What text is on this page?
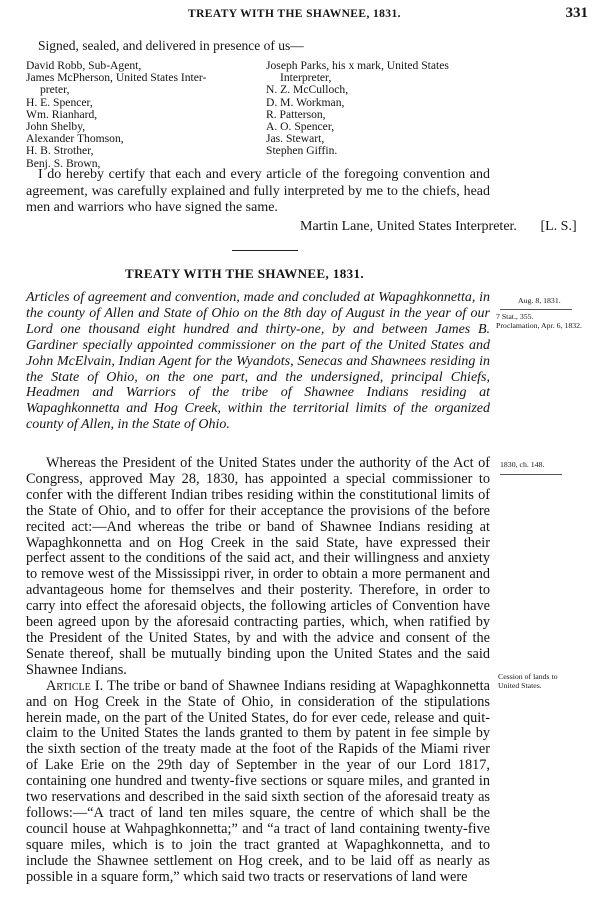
TREATY WITH THE SHAWNEE, 1831.	331
Signed, sealed, and delivered in presence of us—
David Robb, Sub-Agent,
James McPherson, United States Inter-
preter,
H. E. Spencer,
Wm. Rianhard,
John Shelby,
Alexander Thomson,
H. B. Strother,
Benj. S. Brown,
Joseph Parks, his x mark, United States
Interpreter,
N. Z. McCulloch,
D. M. Workman,
R. Patterson,
A. O. Spencer,
Jas. Stewart,
Stephen Giffin.
I do hereby certify that each and every article of the foregoing convention and agreement, was carefully explained and fully interpreted by me to the chiefs, head men and warriors who have signed the same.
Martin Lane, United States Interpreter. [L. S.]
TREATY WITH THE SHAWNEE, 1831.
Articles of agreement and convention, made and concluded at Wapaghkonnetta, in the county of Allen and State of Ohio on the 8th day of August in the year of our Lord one thousand eight hundred and thirty-one, by and between James B. Gardiner specially appointed commissioner on the part of the United States and John McElvain, Indian Agent for the Wyandots, Senecas and Shawnees residing in the State of Ohio, on the one part, and the undersigned, principal Chiefs, Headmen and Warriors of the tribe of Shawnee Indians residing at Wapaghkonnetta and Hog Creek, within the territorial limits of the organized county of Allen, in the State of Ohio.

Whereas the President of the United States under the authority of the Act of Congress, approved May 28, 1830, has appointed a special commissioner to confer with the different Indian tribes residing within the constitutional limits of the State of Ohio, and to offer for their acceptance the provisions of the before recited act:—And whereas the tribe or band of Shawnee Indians residing at Wapaghkonnetta and on Hog Creek in the said State, have expressed their perfect assent to the conditions of the said act, and their willingness and anxiety to remove west of the Mississippi river, in order to obtain a more permanent and advantageous home for themselves and their posterity. Therefore, in order to carry into effect the aforesaid objects, the following articles of Convention have been agreed upon by the aforesaid contracting parties, which, when ratified by the President of the United States, by and with the advice and consent of the Senate thereof, shall be mutually binding upon the United States and the said Shawnee Indians.

Article I. The tribe or band of Shawnee Indians residing at Wapaghkonnetta and on Hog Creek in the State of Ohio, in consideration of the stipulations herein made, on the part of the United States, do for ever cede, release and quit-claim to the United States the lands granted to them by patent in fee simple by the sixth section of the treaty made at the foot of the Rapids of the Miami river of Lake Erie on the 29th day of September in the year of our Lord 1817, containing one hundred and twenty-five sections or square miles, and granted in two reservations and described in the said sixth section of the aforesaid treaty as follows:—“A tract of land ten miles square, the centre of which shall be the council house at Wahpaghkonnetta;” and “a tract of land containing twenty-five square miles, which is to join the tract granted at Wapaghkonnetta, and to include the Shawnee settlement on Hog creek, and to be laid off as nearly as possible in a square form,” which said two tracts or reservations of land were

Aug. 8, 1831.
7 Stat., 355.
Proclamation, Apr. 6, 1832.
1830, ch. 148.
Cession of lands to
United States.
